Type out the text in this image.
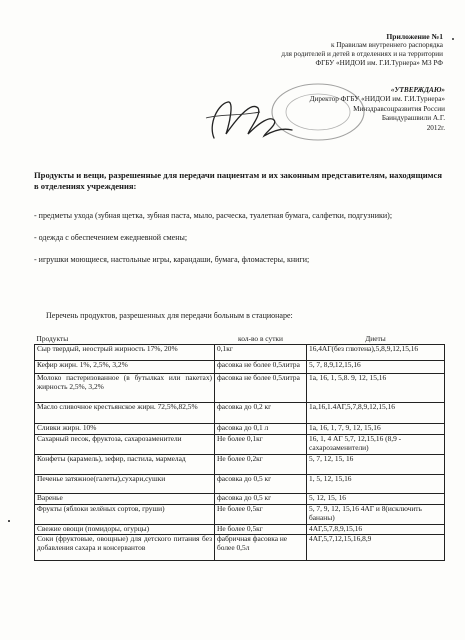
Приложение №1
к Правилам внутреннего распорядка
для родителей и детей в отделениях и на территории
ФГБУ «НИДОИ им. Г.И.Турнера» МЗ РФ
«УТВЕРЖДАЮ»
Директор ФГБУ «НИДОИ им. Г.И.Турнера»
Минздравсоцразвития России
Баиндурашвили А.Г.
2012г.
Продукты и вещи, разрешенные для передачи пациентам и их законным представителям, находящимся в отделениях учреждения:

- предметы ухода (зубная щетка, зубная паста, мыло, расческа, туалетная бумага, салфетки, подгузники);

- одежда с обеспечением ежедневной смены;

- игрушки моющиеся, настольные игры, карандаши, бумага, фломастеры, книги;

Перечень продуктов, разрешенных для передачи больным в стационаре:
Продукты	кол-во в сутки	Диеты
Сыр твердый, неострый жирность 17%, 20%	0,1кг	16,4АГ(без глютена),5,8,9,12,15,16
Кефир жирн. 1%, 2,5%, 3,2%	фасовка не более 0,5литра	5, 7, 8,9,12,15,16
Молоко пастеризованное (в бутылках или пакетах) жирность 2,5%, 3,2%	фасовка не более 0,5литра	1а, 16, 1, 5,8. 9, 12, 15,16
Масло сливочное крестьянское жирн. 72,5%,82,5%	фасовка до 0,2 кг	1а,16,1.4АГ,5,7,8,9,12,15,16
Сливки жирн. 10%	фасовка до 0,1 л	1а, 16, 1, 7, 9, 12, 15,16
Сахарный песок, фруктоза, сахарозаменители	Не более 0,1кг	16, 1, 4 АГ 5,7, 12,15,16 (8,9 - сахарозаменители)
Конфеты (карамель), зефир, пастила, мармелад	Не более 0,2кг	5, 7, 12, 15, 16
Печенье затяжное(галеты),сухари,сушки	фасовка до 0,5 кг	1, 5, 12, 15,16
Варенье	фасовка до 0,5 кг	5, 12, 15, 16
Фрукты (яблоки зелёных сортов, груши)	Не более 0,5кг	5, 7, 9, 12, 15,16 4АГ и 8(исключить бананы)
Свежие овощи (помидоры, огурцы)	Не более 0,5кг	4АГ,5,7,8,9,15,16
Соки (фруктовые, овощные) для детского питания без добавления сахара и консервантов	фабричная фасовка не более 0,5л	4АГ,5,7,12,15,16,8,9
